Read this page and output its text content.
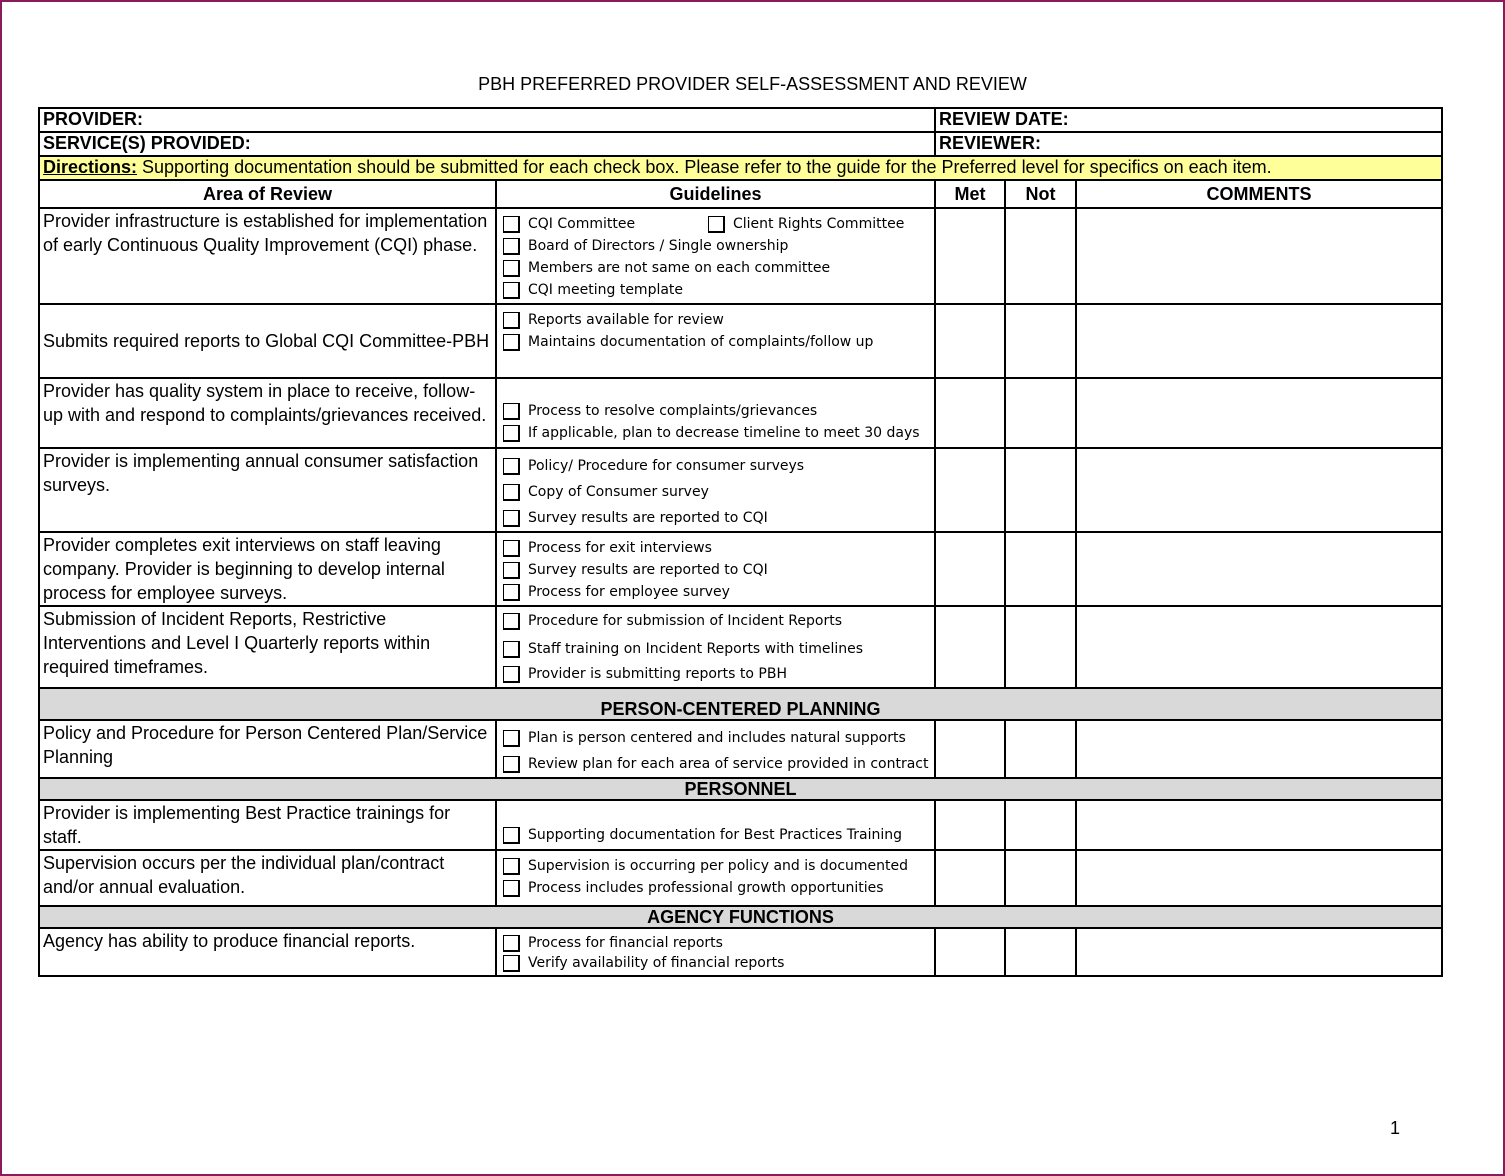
PBH PREFERRED PROVIDER SELF-ASSESSMENT AND REVIEW
PROVIDER:		REVIEW DATE:		
SERVICE(S) PROVIDED:		REVIEWER:		
Directions: Supporting documentation should be submitted for each check box. Please refer to the guide for the Preferred level for specifics on each item.				
Area of Review	Guidelines	Met	Not	COMMENTS
Provider infrastructure is established for implementation of early Continuous Quality Improvement (CQI) phase.	CQI Committee Client Rights Committee
Board of Directors / Single ownership
Members are not same on each committee
CQI meeting template			

Submits required reports to Global CQI Committee-PBH	Reports available for review
Maintains documentation of complaints/follow up			

Provider has quality system in place to receive, follow-up with and respond to complaints/grievances received.	Process to resolve complaints/grievances
If applicable, plan to decrease timeline to meet 30 days			

Provider is implementing annual consumer satisfaction surveys.	Policy/ Procedure for consumer surveys
Copy of Consumer survey
Survey results are reported to CQI			

Provider completes exit interviews on staff leaving company. Provider is beginning to develop internal process for employee surveys.	Process for exit interviews
Survey results are reported to CQI
Process for employee survey			

Submission of Incident Reports, Restrictive Interventions and Level I Quarterly reports within required timeframes.	Procedure for submission of Incident Reports
Staff training on Incident Reports with timelines
Provider is submitting reports to PBH			

PERSON-CENTERED PLANNING				
Policy and Procedure for Person Centered Plan/Service Planning	Plan is person centered and includes natural supports
Review plan for each area of service provided in contract			

PERSONNEL				
Provider is implementing Best Practice trainings for staff.	Supporting documentation for Best Practices Training			

Supervision occurs per the individual plan/contract and/or annual evaluation.	Supervision is occurring per policy and is documented
Process includes professional growth opportunities			

AGENCY FUNCTIONS				
Agency has ability to produce financial reports.	Process for financial reports
Verify availability of financial reports			

1
